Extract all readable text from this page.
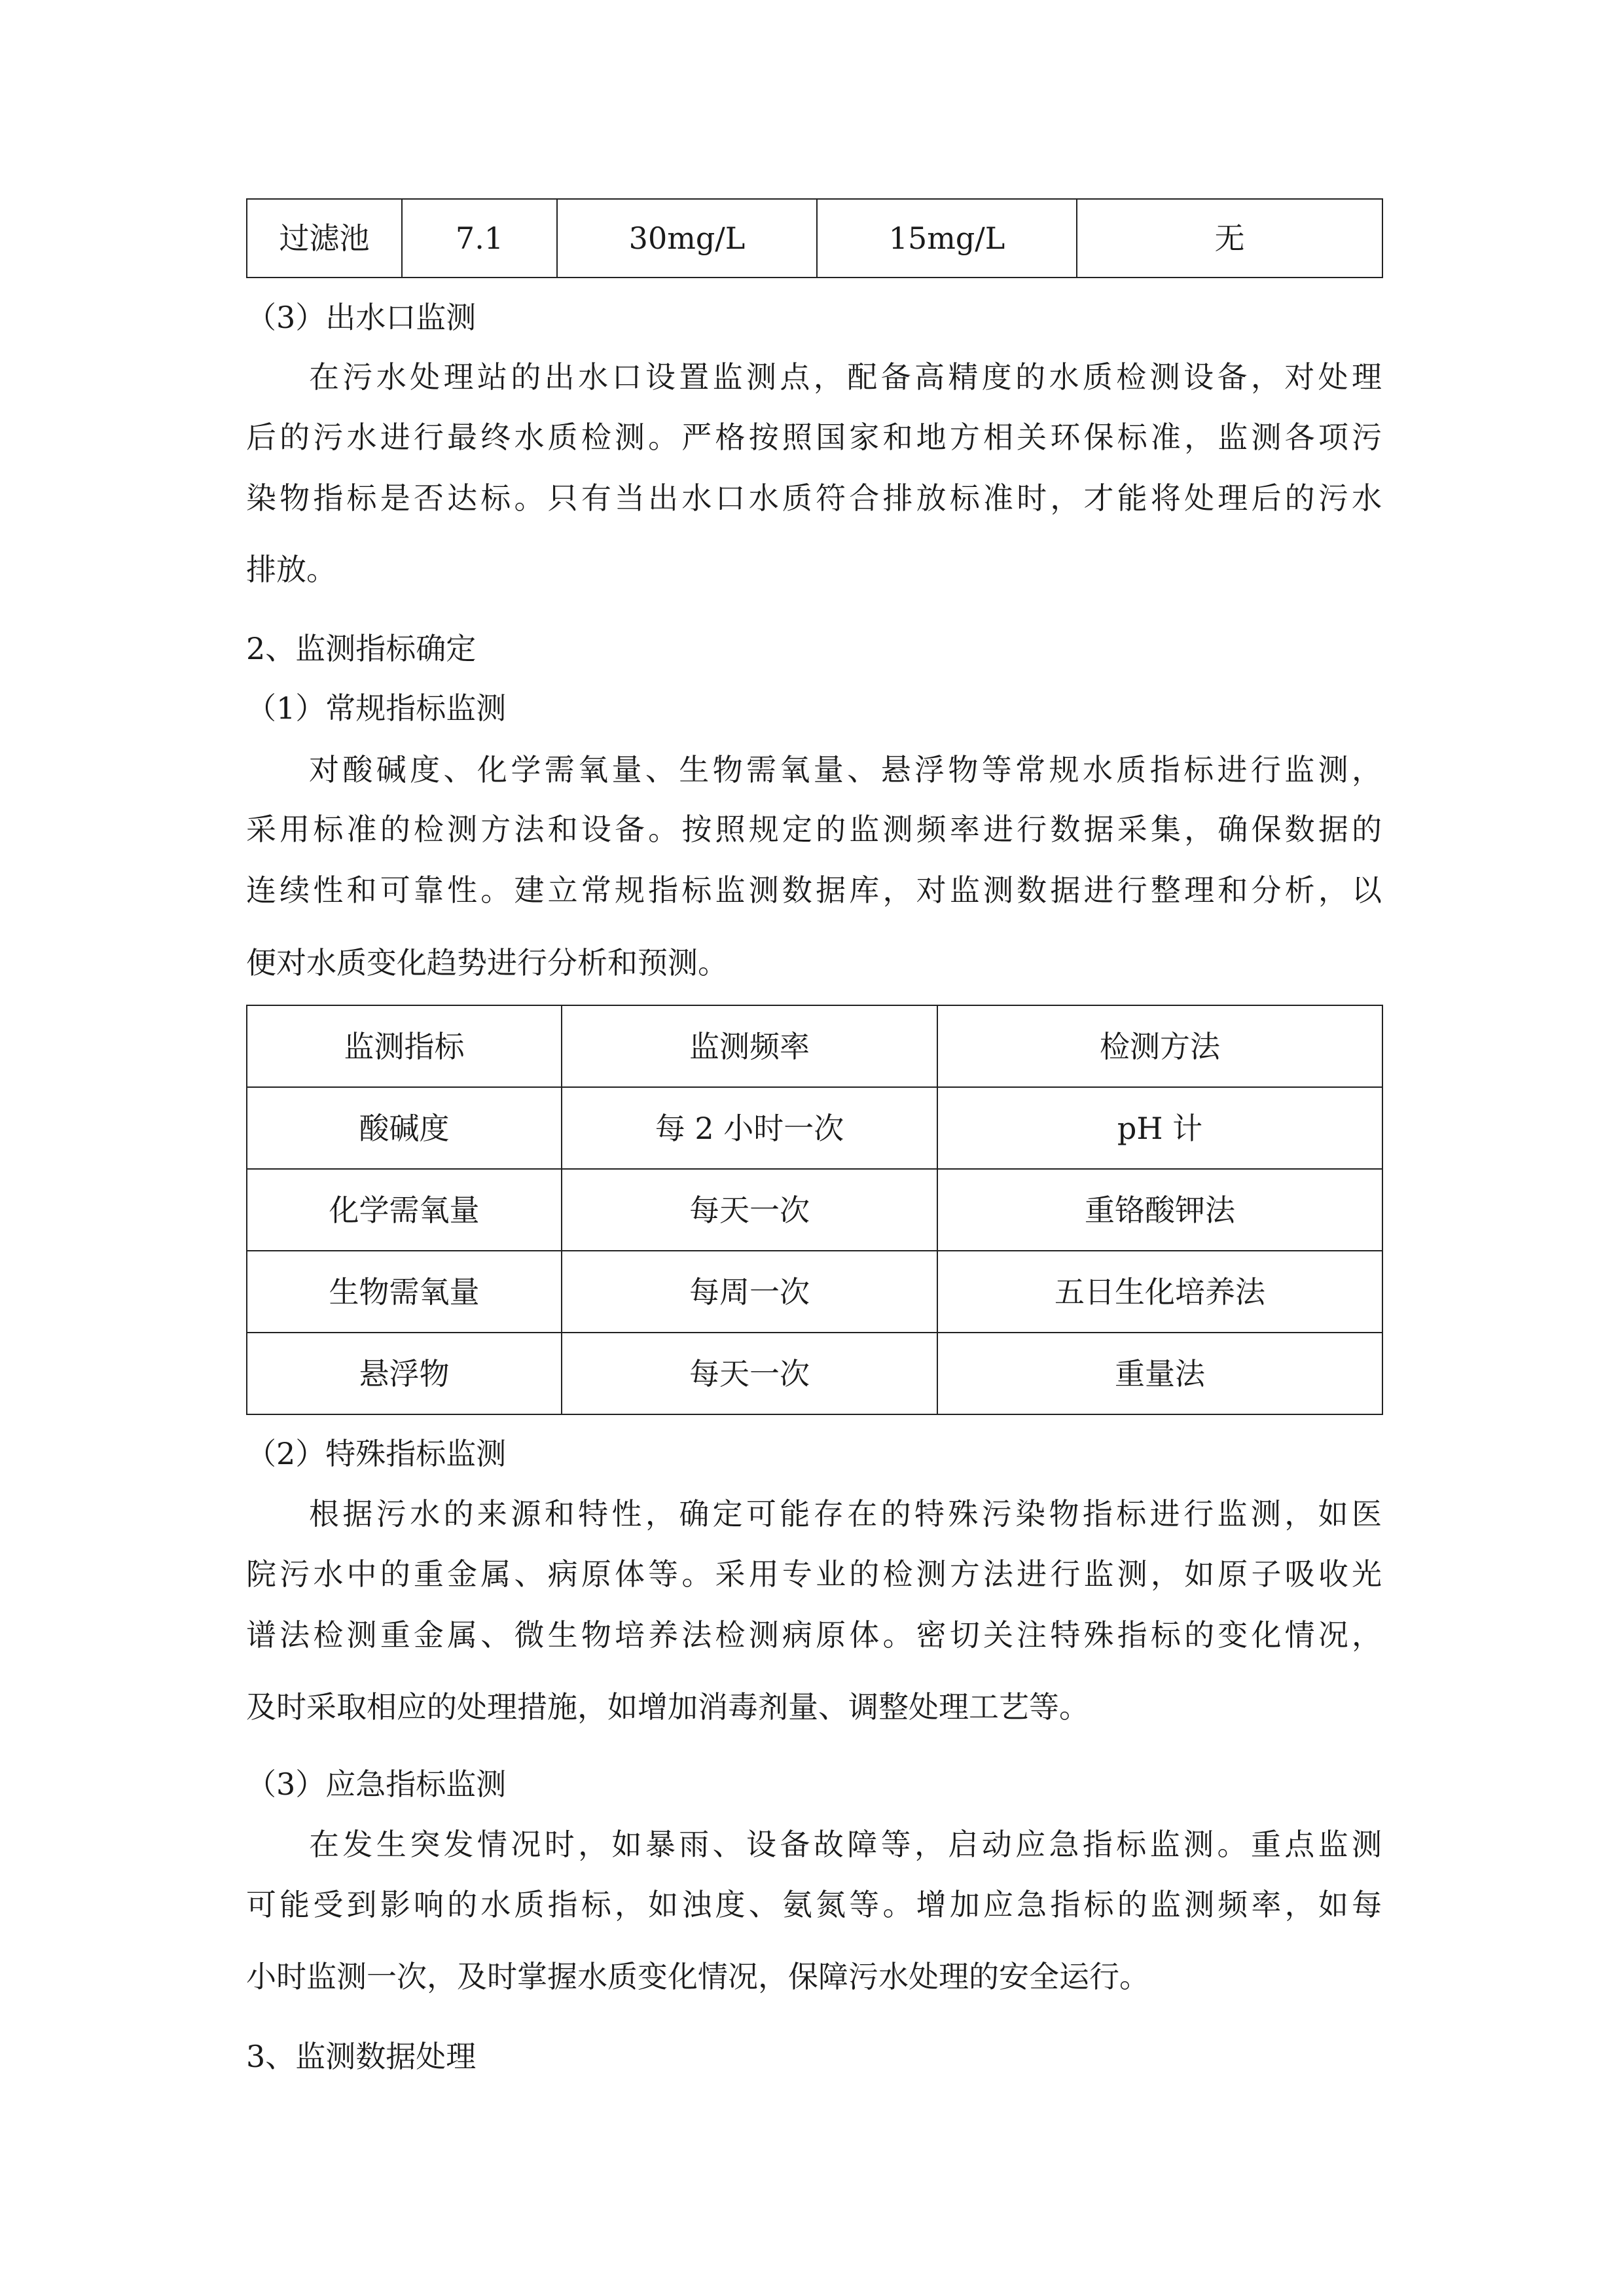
过滤池	7.1	30mg/L	15mg/L	无
（3）出水口监测
在污水处理站的出水口设置监测点，配备高精度的水质检测设备，对处理
后的污水进行最终水质检测。严格按照国家和地方相关环保标准，监测各项污
染物指标是否达标。只有当出水口水质符合排放标准时，才能将处理后的污水
排放。
2、监测指标确定
（1）常规指标监测
对酸碱度、化学需氧量、生物需氧量、悬浮物等常规水质指标进行监测，
采用标准的检测方法和设备。按照规定的监测频率进行数据采集，确保数据的
连续性和可靠性。建立常规指标监测数据库，对监测数据进行整理和分析，以
便对水质变化趋势进行分析和预测。
监测指标	监测频率	检测方法
酸碱度	每 2 小时一次	pH 计
化学需氧量	每天一次	重铬酸钾法
生物需氧量	每周一次	五日生化培养法
悬浮物	每天一次	重量法
（2）特殊指标监测
根据污水的来源和特性，确定可能存在的特殊污染物指标进行监测，如医
院污水中的重金属、病原体等。采用专业的检测方法进行监测，如原子吸收光
谱法检测重金属、微生物培养法检测病原体。密切关注特殊指标的变化情况，
及时采取相应的处理措施，如增加消毒剂量、调整处理工艺等。
（3）应急指标监测
在发生突发情况时，如暴雨、设备故障等，启动应急指标监测。重点监测
可能受到影响的水质指标，如浊度、氨氮等。增加应急指标的监测频率，如每
小时监测一次，及时掌握水质变化情况，保障污水处理的安全运行。
3、监测数据处理
